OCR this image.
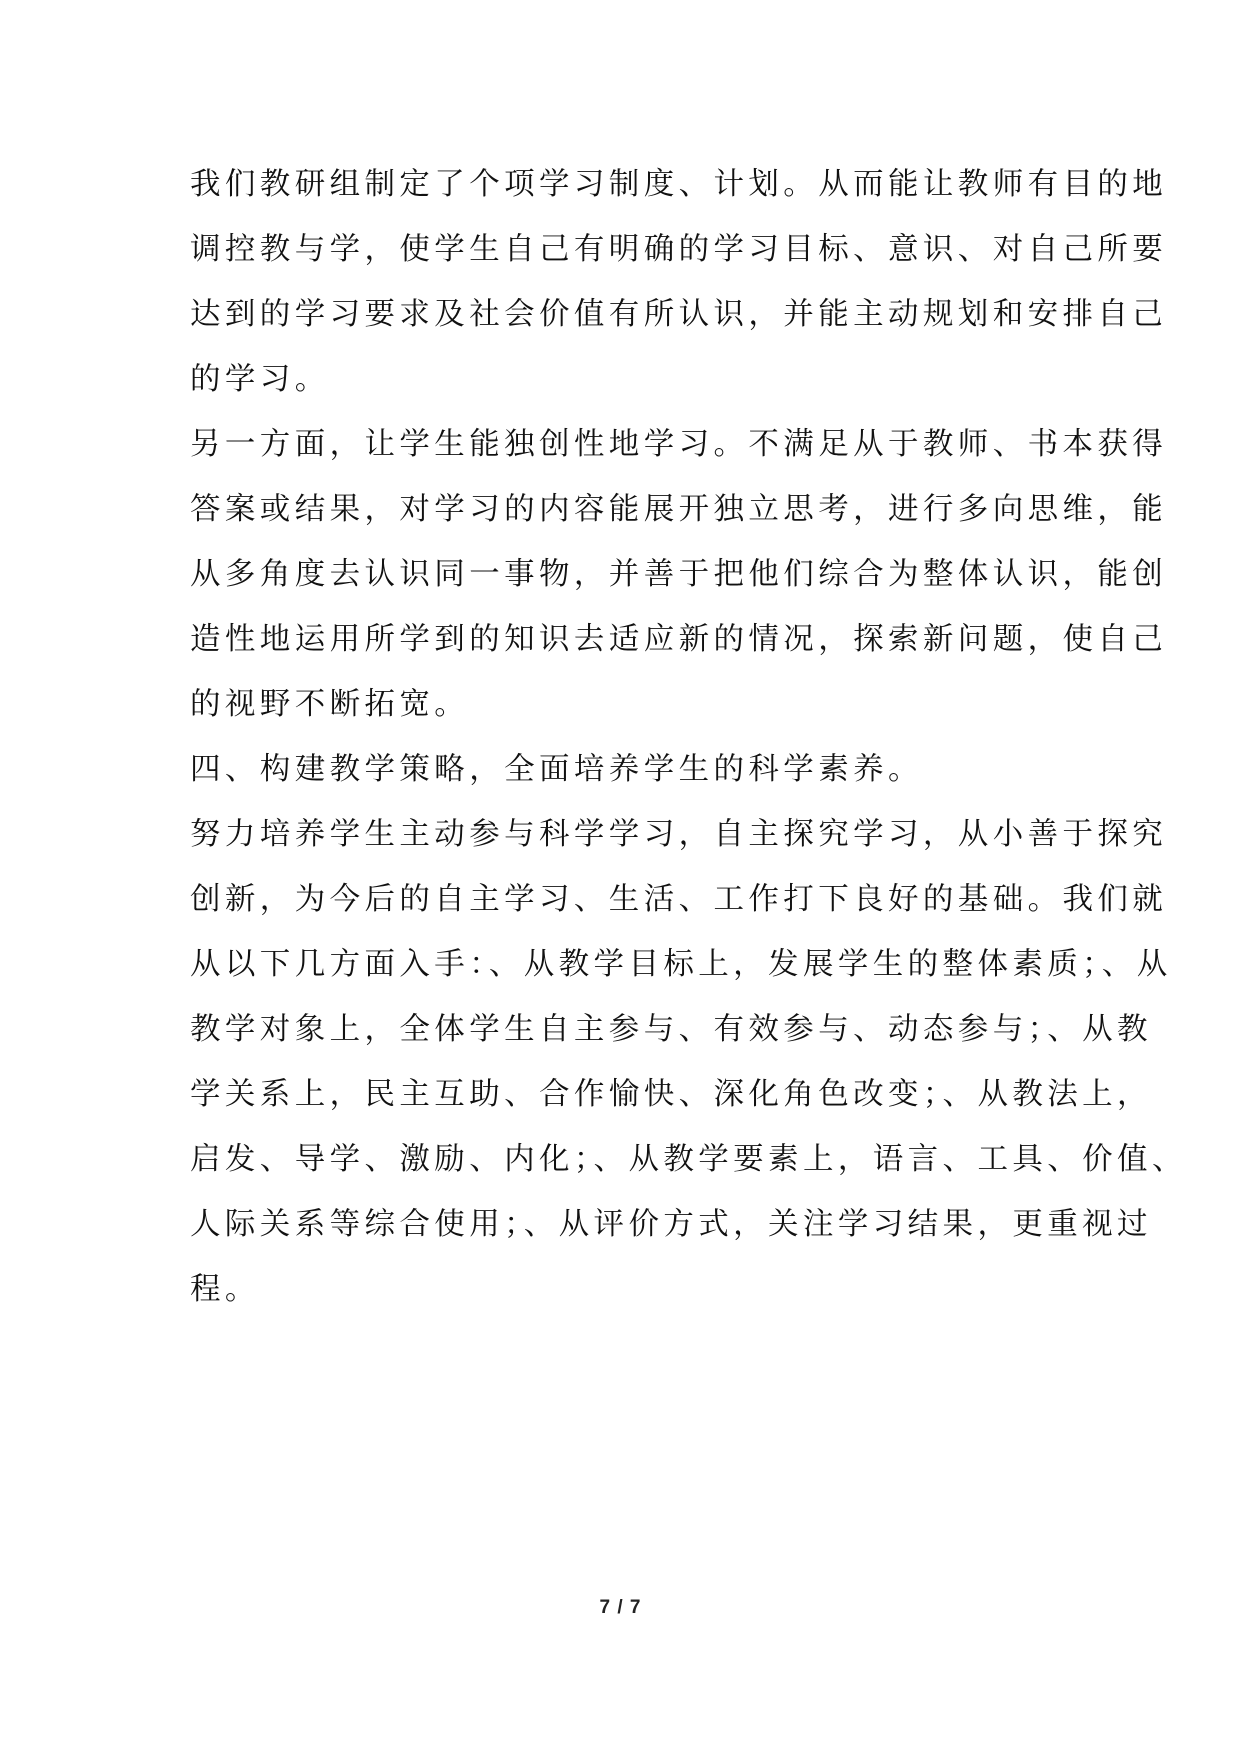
我们教研组制定了个项学习制度、计划。从而能让教师有目的地
调控教与学，使学生自己有明确的学习目标、意识、对自己所要
达到的学习要求及社会价值有所认识，并能主动规划和安排自己
的学习。
另一方面，让学生能独创性地学习。不满足从于教师、书本获得
答案或结果，对学习的内容能展开独立思考，进行多向思维，能
从多角度去认识同一事物，并善于把他们综合为整体认识，能创
造性地运用所学到的知识去适应新的情况，探索新问题，使自己
的视野不断拓宽。
四、构建教学策略，全面培养学生的科学素养。
努力培养学生主动参与科学学习，自主探究学习，从小善于探究
创新，为今后的自主学习、生活、工作打下良好的基础。我们就
从以下几方面入手：、从教学目标上，发展学生的整体素质；、从
教学对象上，全体学生自主参与、有效参与、动态参与；、从教
学关系上，民主互助、合作愉快、深化角色改变；、从教法上，
启发、导学、激励、内化；、从教学要素上，语言、工具、价值、
人际关系等综合使用；、从评价方式，关注学习结果，更重视过
程。
7 / 7
